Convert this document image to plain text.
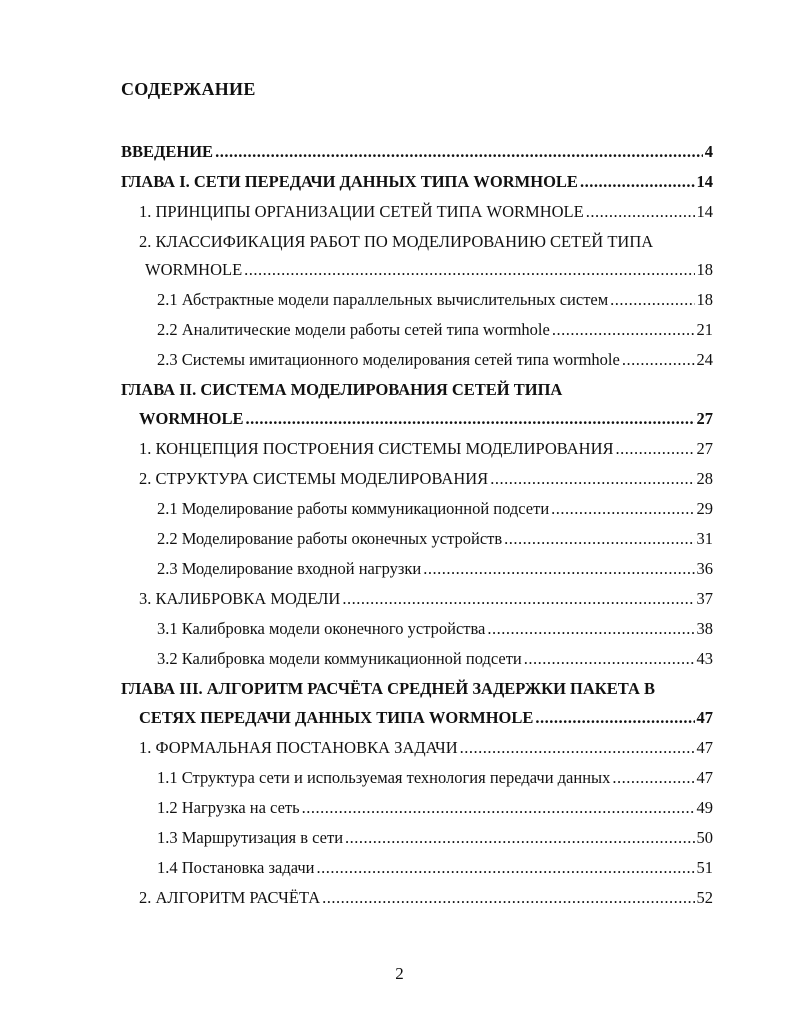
СОДЕРЖАНИЕ
ВВЕДЕНИЕ .....	4
ГЛАВА I. СЕТИ ПЕРЕДАЧИ ДАННЫХ ТИПА WORMHOLE .....	14
1. ПРИНЦИПЫ ОРГАНИЗАЦИИ СЕТЕЙ ТИПА WORMHOLE .....	14
2. КЛАССИФИКАЦИЯ РАБОТ ПО МОДЕЛИРОВАНИЮ СЕТЕЙ ТИПА
WORMHOLE .....	18
2.1 Абстрактные модели параллельных вычислительных систем .....	18
2.2 Аналитические модели работы сетей типа wormhole .....	21
2.3 Системы имитационного моделирования сетей типа wormhole .....	24
ГЛАВА II. СИСТЕМА МОДЕЛИРОВАНИЯ СЕТЕЙ ТИПА
WORMHOLE .....	27
1. КОНЦЕПЦИЯ ПОСТРОЕНИЯ СИСТЕМЫ МОДЕЛИРОВАНИЯ .....	27
2. СТРУКТУРА СИСТЕМЫ МОДЕЛИРОВАНИЯ .....	28
2.1 Моделирование работы коммуникационной подсети .....	29
2.2 Моделирование работы оконечных устройств .....	31
2.3 Моделирование входной нагрузки .....	36
3. КАЛИБРОВКА МОДЕЛИ .....	37
3.1 Калибровка модели оконечного устройства .....	38
3.2 Калибровка модели коммуникационной подсети .....	43
ГЛАВА III. АЛГОРИТМ РАСЧЁТА СРЕДНЕЙ ЗАДЕРЖКИ ПАКЕТА В
СЕТЯХ ПЕРЕДАЧИ ДАННЫХ ТИПА WORMHOLE .....	47
1. ФОРМАЛЬНАЯ ПОСТАНОВКА ЗАДАЧИ .....	47
1.1 Структура сети и используемая технология передачи данных .....	47
1.2 Нагрузка на сеть .....	49
1.3 Маршрутизация в сети .....	50
1.4 Постановка задачи .....	51
2. АЛГОРИТМ РАСЧЁТА .....	52
2
